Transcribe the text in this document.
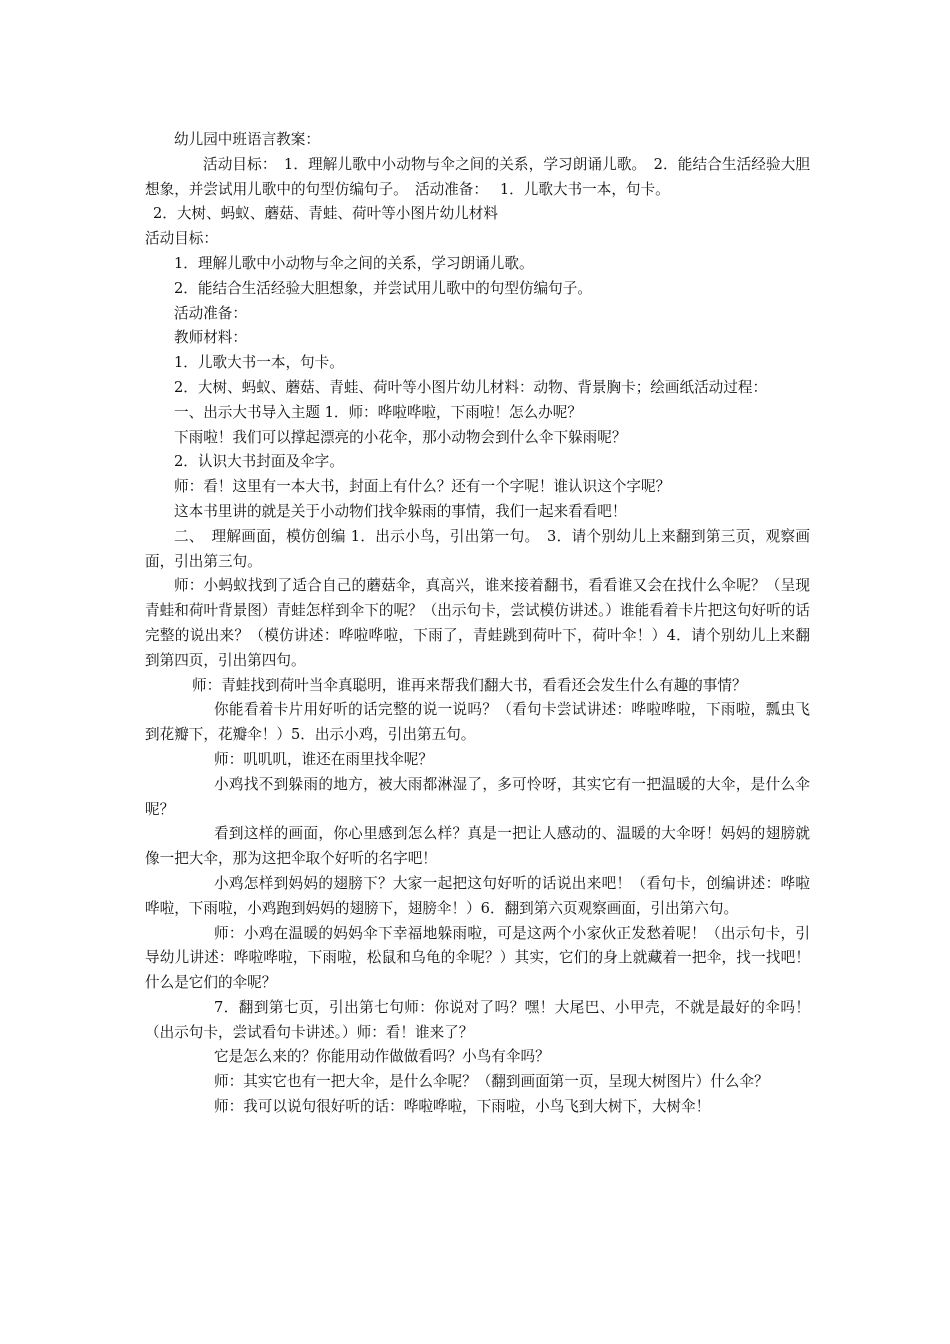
幼儿园中班语言教案：

活动目标：　1．理解儿歌中小动物与伞之间的关系，学习朗诵儿歌。　2．能结合生活经验大胆想象，并尝试用儿歌中的句型仿编句子。　活动准备：　 1．儿歌大书一本，句卡。

2．大树、蚂蚁、蘑菇、青蛙、荷叶等小图片幼儿材料

活动目标：

1．理解儿歌中小动物与伞之间的关系，学习朗诵儿歌。

2．能结合生活经验大胆想象，并尝试用儿歌中的句型仿编句子。

活动准备：

教师材料：

1．儿歌大书一本，句卡。

2．大树、蚂蚁、蘑菇、青蛙、荷叶等小图片幼儿材料：动物、背景胸卡；绘画纸活动过程：

一、出示大书导入主题 1．师：哗啦哗啦，下雨啦！怎么办呢？

下雨啦！我们可以撑起漂亮的小花伞，那小动物会到什么伞下躲雨呢？

2．认识大书封面及伞字。

师：看！这里有一本大书，封面上有什么？还有一个字呢！谁认识这个字呢？

这本书里讲的就是关于小动物们找伞躲雨的事情，我们一起来看看吧！

二、　理解画面，模仿创编 1．出示小鸟，引出第一句。　3．请个别幼儿上来翻到第三页，观察画面，引出第三句。

师：小蚂蚁找到了适合自己的蘑菇伞，真高兴，谁来接着翻书，看看谁又会在找什么伞呢？（呈现青蛙和荷叶背景图）青蛙怎样到伞下的呢？（出示句卡，尝试模仿讲述。）谁能看着卡片把这句好听的话完整的说出来？（模仿讲述：哗啦哗啦，下雨了，青蛙跳到荷叶下，荷叶伞！）4．请个别幼儿上来翻到第四页，引出第四句。

师：青蛙找到荷叶当伞真聪明，谁再来帮我们翻大书，看看还会发生什么有趣的事情？

你能看着卡片用好听的话完整的说一说吗？（看句卡尝试讲述：哗啦哗啦，下雨啦，瓢虫飞到花瓣下，花瓣伞！）5．出示小鸡，引出第五句。

师：叽叽叽，谁还在雨里找伞呢？

小鸡找不到躲雨的地方，被大雨都淋湿了，多可怜呀，其实它有一把温暖的大伞，是什么伞呢？

看到这样的画面，你心里感到怎么样？真是一把让人感动的、温暖的大伞呀！妈妈的翅膀就像一把大伞，那为这把伞取个好听的名字吧！

小鸡怎样到妈妈的翅膀下？大家一起把这句好听的话说出来吧！（看句卡，创编讲述：哗啦哗啦，下雨啦，小鸡跑到妈妈的翅膀下，翅膀伞！）6．翻到第六页观察画面，引出第六句。

师：小鸡在温暖的妈妈伞下幸福地躲雨啦，可是这两个小家伙正发愁着呢！（出示句卡，引导幼儿讲述：哗啦哗啦，下雨啦，松鼠和乌龟的伞呢？）其实，它们的身上就藏着一把伞，找一找吧！什么是它们的伞呢？

7．翻到第七页，引出第七句师：你说对了吗？嘿！大尾巴、小甲壳，不就是最好的伞吗！（出示句卡，尝试看句卡讲述。）师：看！谁来了？

它是怎么来的？你能用动作做做看吗？小鸟有伞吗？

师：其实它也有一把大伞，是什么伞呢？（翻到画面第一页，呈现大树图片）什么伞？

师：我可以说句很好听的话：哗啦哗啦，下雨啦，小鸟飞到大树下，大树伞！
